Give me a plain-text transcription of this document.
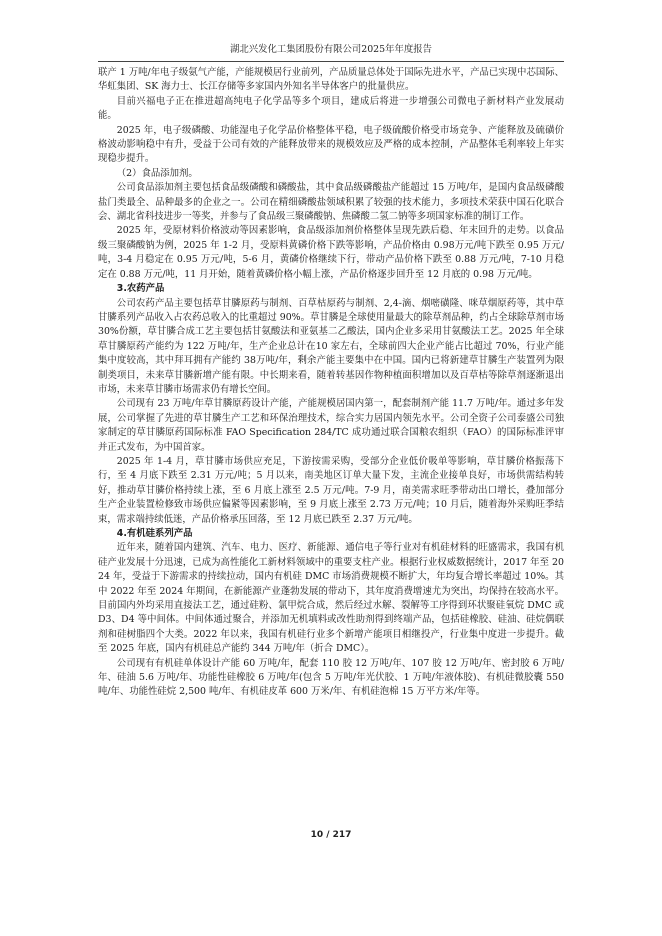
湖北兴发化工集团股份有限公司2025年年度报告

联产 1 万吨/年电子级氨气产能，产能规模居行业前列，产品质量总体处于国际先进水平，产品已实现中芯国际、华虹集团、SK 海力士、长江存储等多家国内外知名半导体客户的批量供应。

目前兴福电子正在推进超高纯电子化学品等多个项目，建成后将进一步增强公司微电子新材料产业发展动能。

2025 年，电子级磷酸、功能湿电子化学品价格整体平稳，电子级硫酸价格受市场竞争、产能释放及硫磺价格波动影响稳中有升，受益于公司有效的产能释放带来的规模效应及严格的成本控制，产品整体毛利率较上年实现稳步提升。

（2）食品添加剂。

公司食品添加剂主要包括食品级磷酸和磷酸盐，其中食品级磷酸盐产能超过 15 万吨/年，是国内食品级磷酸盐门类最全、品种最多的企业之一。公司在精细磷酸盐领域积累了较强的技术能力，多项技术荣获中国石化联合会、湖北省科技进步一等奖，并参与了食品级三聚磷酸钠、焦磷酸二氢二钠等多项国家标准的制订工作。

2025 年，受原材料价格波动等因素影响，食品级添加剂价格整体呈现先跌后稳、年末回升的走势。以食品级三聚磷酸钠为例，2025 年 1-2 月，受原料黄磷价格下跌等影响，产品价格由 0.98万元/吨下跌至 0.95 万元/吨，3-4 月稳定在 0.95 万元/吨，5-6 月，黄磷价格继续下行，带动产品价格下跌至 0.88 万元/吨，7-10 月稳定在 0.88 万元/吨，11 月开始，随着黄磷价格小幅上涨，产品价格逐步回升至 12 月底的 0.98 万元/吨。

3.农药产品

公司农药产品主要包括草甘膦原药与制剂、百草枯原药与制剂、2,4-滴、烟嘧磺隆、咪草烟原药等，其中草甘膦系列产品收入占农药总收入的比重超过 90%。草甘膦是全球使用量最大的除草剂品种，约占全球除草剂市场 30%份额，草甘膦合成工艺主要包括甘氨酸法和亚氨基二乙酸法，国内企业多采用甘氨酸法工艺。2025 年全球草甘膦原药产能约为 122 万吨/年，生产企业总计在10 家左右，全球前四大企业产能占比超过 70%，行业产能集中度较高，其中拜耳拥有产能约 38万吨/年，剩余产能主要集中在中国。国内已将新建草甘膦生产装置列为限制类项目，未来草甘膦新增产能有限。中长期来看，随着转基因作物种植面积增加以及百草枯等除草剂逐渐退出市场，未来草甘膦市场需求仍有增长空间。

公司现有 23 万吨/年草甘膦原药设计产能，产能规模居国内第一，配套制剂产能 11.7 万吨/年。通过多年发展，公司掌握了先进的草甘膦生产工艺和环保治理技术，综合实力居国内领先水平。公司全资子公司泰盛公司独家制定的草甘膦原药国际标准 FAO Specification 284/TC 成功通过联合国粮农组织（FAO）的国际标准评审并正式发布，为中国首家。

2025 年 1-4 月，草甘膦市场供应充足，下游按需采购，受部分企业低价吸单等影响，草甘膦价格振荡下行，至 4 月底下跌至 2.31 万元/吨；5 月以来，南美地区订单大量下发，主流企业接单良好，市场供需结构转好，推动草甘膦价格持续上涨，至 6 月底上涨至 2.5 万元/吨。7-9 月，南美需求旺季带动出口增长，叠加部分生产企业装置检修致市场供应偏紧等因素影响，至 9 月底上涨至 2.73 万元/吨；10 月后，随着海外采购旺季结束，需求端持续低迷，产品价格承压回落，至 12 月底已跌至 2.37 万元/吨。

4.有机硅系列产品

近年来，随着国内建筑、汽车、电力、医疗、新能源、通信电子等行业对有机硅材料的旺盛需求，我国有机硅产业发展十分迅速，已成为高性能化工新材料领域中的重要支柱产业。根据行业权威数据统计，2017 年至 2024 年，受益于下游需求的持续拉动，国内有机硅 DMC 市场消费规模不断扩大，年均复合增长率超过 10%。其中 2022 年至 2024 年期间，在新能源产业蓬勃发展的带动下，其年度消费增速尤为突出，均保持在较高水平。目前国内外均采用直接法工艺，通过硅粉、氯甲烷合成，然后经过水解、裂解等工序得到环状聚硅氧烷 DMC 或 D3、D4 等中间体。中间体通过聚合，并添加无机填料或改性助剂得到终端产品，包括硅橡胶、硅油、硅烷偶联剂和硅树脂四个大类。2022 年以来，我国有机硅行业多个新增产能项目相继投产，行业集中度进一步提升。截至 2025 年底，国内有机硅总产能约 344 万吨/年（折合 DMC）。

公司现有有机硅单体设计产能 60 万吨/年，配套 110 胶 12 万吨/年、107 胶 12 万吨/年、密封胶 6 万吨/年、硅油 5.6 万吨/年、功能性硅橡胶 6 万吨/年(包含 5 万吨/年光伏胶、1 万吨/年液体胶)、有机硅微胶囊 550 吨/年、功能性硅烷 2,500 吨/年、有机硅皮革 600 万米/年、有机硅泡棉 15 万平方米/年等。

10 / 217
